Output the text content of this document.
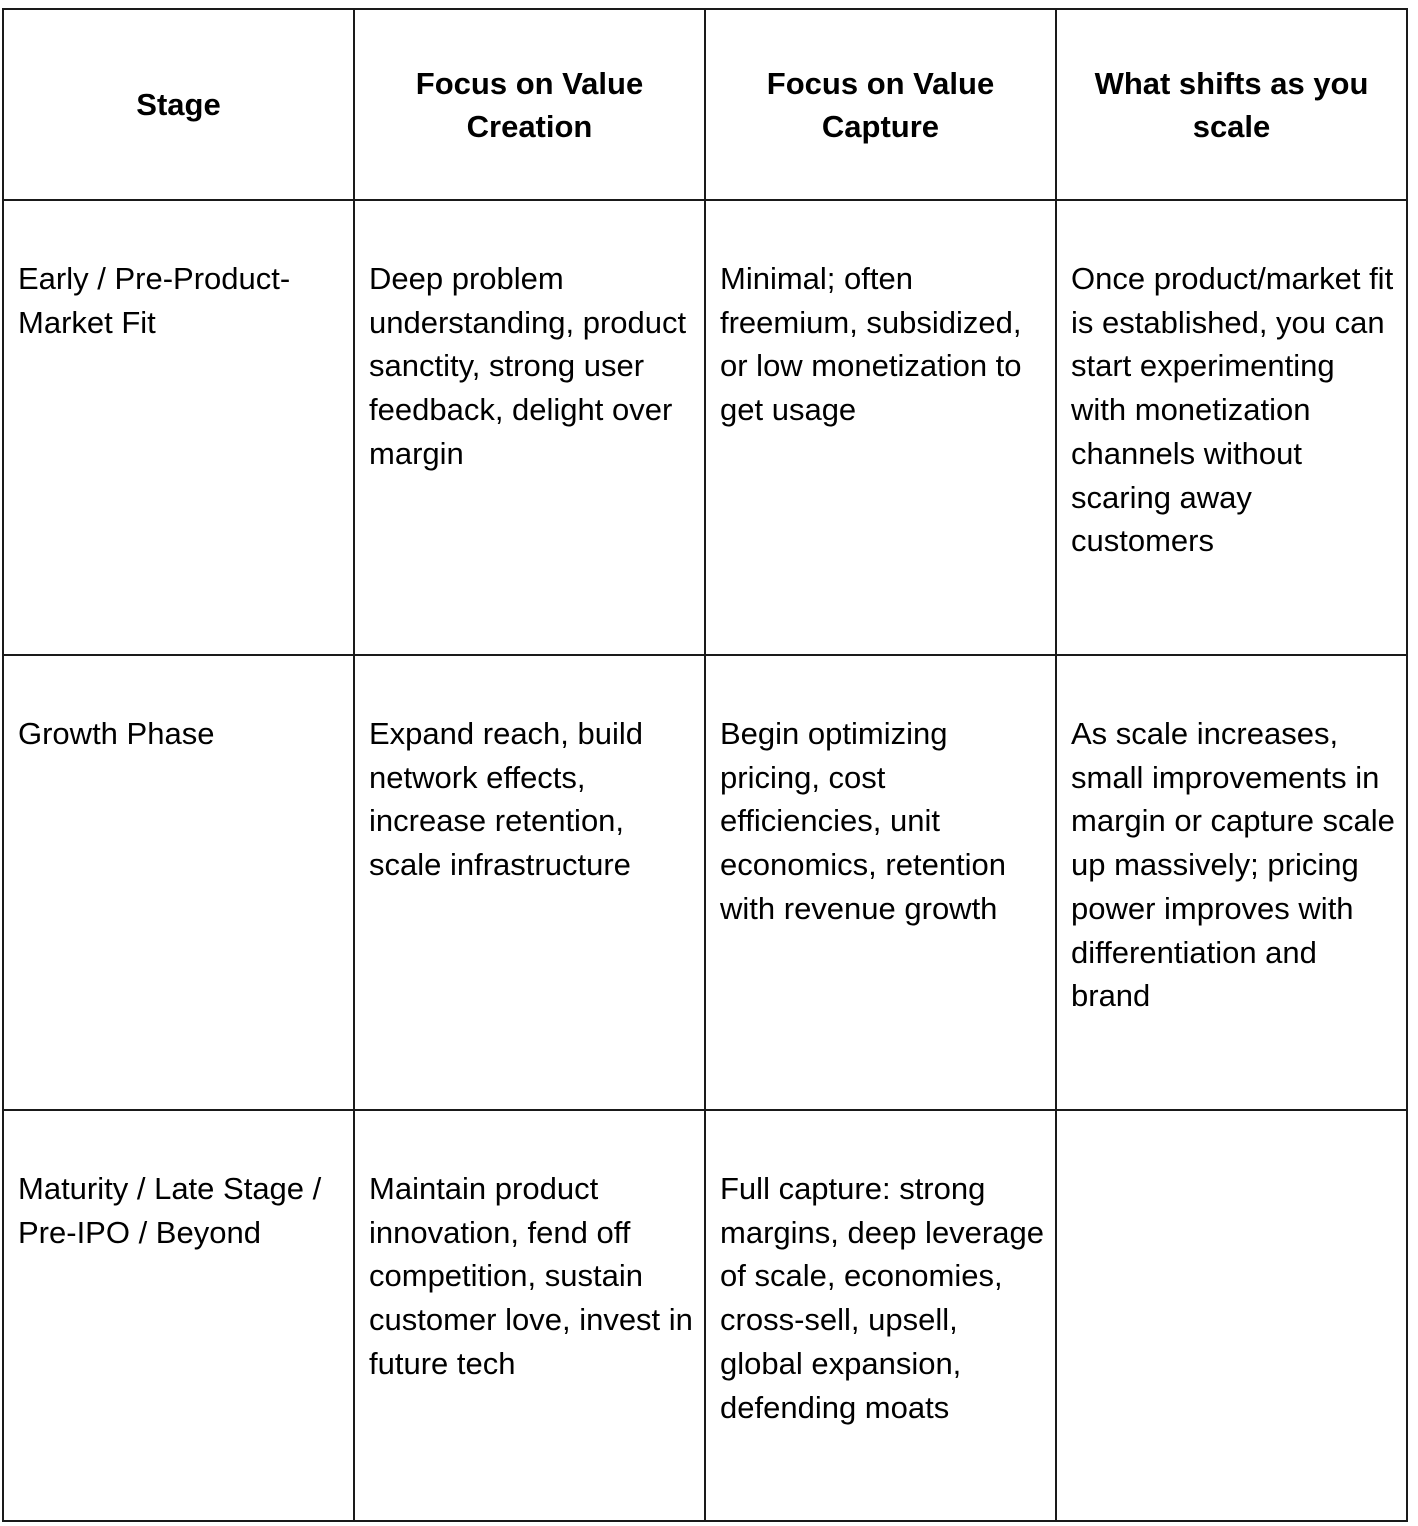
Stage	Focus on Value Creation	Focus on Value Capture	What shifts as you scale

Early / Pre-Product-Market Fit	Deep problem understanding, product sanctity, strong user feedback, delight over margin	Minimal; often freemium, subsidized, or low monetization to get usage	Once product/market fit is established, you can start experimenting with monetization channels without scaring away customers

Growth Phase	Expand reach, build network effects, increase retention, scale infrastructure	Begin optimizing pricing, cost efficiencies, unit economics, retention with revenue growth	As scale increases, small improvements in margin or capture scale up massively; pricing power improves with differentiation and brand

Maturity / Late Stage / Pre-IPO / Beyond	Maintain product innovation, fend off competition, sustain customer love, invest in future tech	Full capture: strong margins, deep leverage of scale, economies, cross-sell, upsell, global expansion, defending moats	
